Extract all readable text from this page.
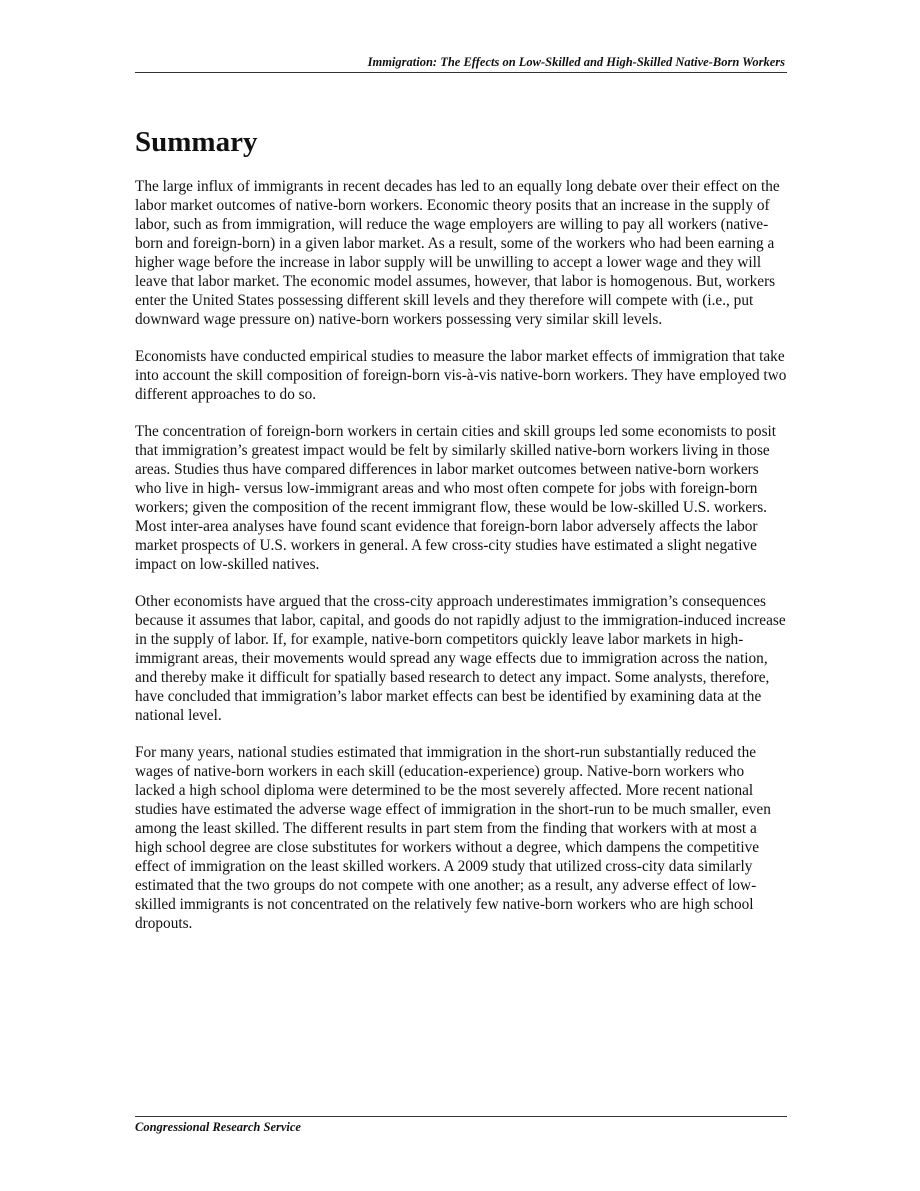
Immigration: The Effects on Low-Skilled and High-Skilled Native-Born Workers
Summary

The large influx of immigrants in recent decades has led to an equally long debate over their effect on the labor market outcomes of native-born workers. Economic theory posits that an increase in the supply of labor, such as from immigration, will reduce the wage employers are willing to pay all workers (native-born and foreign-born) in a given labor market. As a result, some of the workers who had been earning a higher wage before the increase in labor supply will be unwilling to accept a lower wage and they will leave that labor market. The economic model assumes, however, that labor is homogenous. But, workers enter the United States possessing different skill levels and they therefore will compete with (i.e., put downward wage pressure on) native-born workers possessing very similar skill levels.

Economists have conducted empirical studies to measure the labor market effects of immigration that take into account the skill composition of foreign-born vis-à-vis native-born workers. They have employed two different approaches to do so.

The concentration of foreign-born workers in certain cities and skill groups led some economists to posit that immigration’s greatest impact would be felt by similarly skilled native-born workers living in those areas. Studies thus have compared differences in labor market outcomes between native-born workers who live in high- versus low-immigrant areas and who most often compete for jobs with foreign-born workers; given the composition of the recent immigrant flow, these would be low-skilled U.S. workers. Most inter-area analyses have found scant evidence that foreign-born labor adversely affects the labor market prospects of U.S. workers in general. A few cross-city studies have estimated a slight negative impact on low-skilled natives.

Other economists have argued that the cross-city approach underestimates immigration’s consequences because it assumes that labor, capital, and goods do not rapidly adjust to the immigration-induced increase in the supply of labor. If, for example, native-born competitors quickly leave labor markets in high-immigrant areas, their movements would spread any wage effects due to immigration across the nation, and thereby make it difficult for spatially based research to detect any impact. Some analysts, therefore, have concluded that immigration’s labor market effects can best be identified by examining data at the national level.

For many years, national studies estimated that immigration in the short-run substantially reduced the wages of native-born workers in each skill (education-experience) group. Native-born workers who lacked a high school diploma were determined to be the most severely affected. More recent national studies have estimated the adverse wage effect of immigration in the short-run to be much smaller, even among the least skilled. The different results in part stem from the finding that workers with at most a high school degree are close substitutes for workers without a degree, which dampens the competitive effect of immigration on the least skilled workers. A 2009 study that utilized cross-city data similarly estimated that the two groups do not compete with one another; as a result, any adverse effect of low-skilled immigrants is not concentrated on the relatively few native-born workers who are high school dropouts.

Congressional Research Service
